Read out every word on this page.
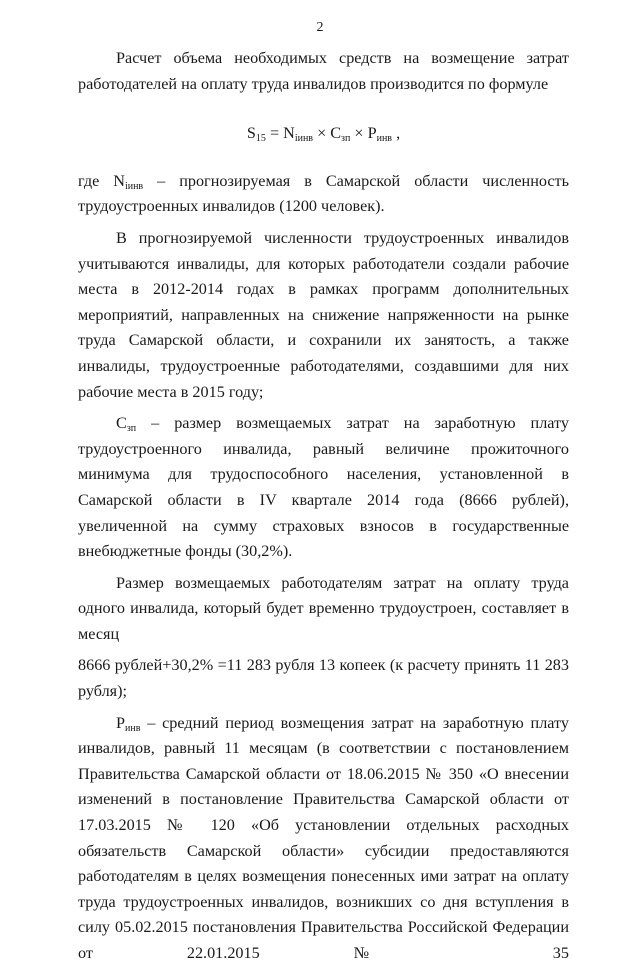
2

Расчет объема необходимых средств на возмещение затрат работодателей на оплату труда инвалидов производится по формуле

$S_{15} = N_{iинв} \times C_{зп} \times P_{инв}$ ,

где $N_{iинв}$ – прогнозируемая в Самарской области численность трудоустроенных инвалидов (1200 человек).

В прогнозируемой численности трудоустроенных инвалидов учитываются инвалиды, для которых работодатели создали рабочие места в 2012-2014 годах в рамках программ дополнительных мероприятий, направленных на снижение напряженности на рынке труда Самарской области, и сохранили их занятость, а также инвалиды, трудоустроенные работодателями, создавшими для них рабочие места в 2015 году;

$C_{зп}$ – размер возмещаемых затрат на заработную плату трудоустроенного инвалида, равный величине прожиточного минимума для трудоспособного населения, установленной в Самарской области в IV квартале 2014 года (8666 рублей), увеличенной на сумму страховых взносов в государственные внебюджетные фонды (30,2%).

Размер возмещаемых работодателям затрат на оплату труда одного инвалида, который будет временно трудоустроен, составляет в месяц

8666 рублей+30,2% =11 283 рубля 13 копеек (к расчету принять 11 283 рубля);

$P_{инв}$ – средний период возмещения затрат на заработную плату инвалидов, равный 11 месяцам (в соответствии с постановлением Правительства Самарской области от 18.06.2015 № 350 «О внесении изменений в постановление Правительства Самарской области от 17.03.2015 № 120 «Об установлении отдельных расходных обязательств Самарской области» субсидии предоставляются работодателям в целях возмещения понесенных ими затрат на оплату труда трудоустроенных инвалидов, возникших со дня вступления в силу 05.02.2015 постановления Правительства Российской Федерации от 22.01.2015 № 35
